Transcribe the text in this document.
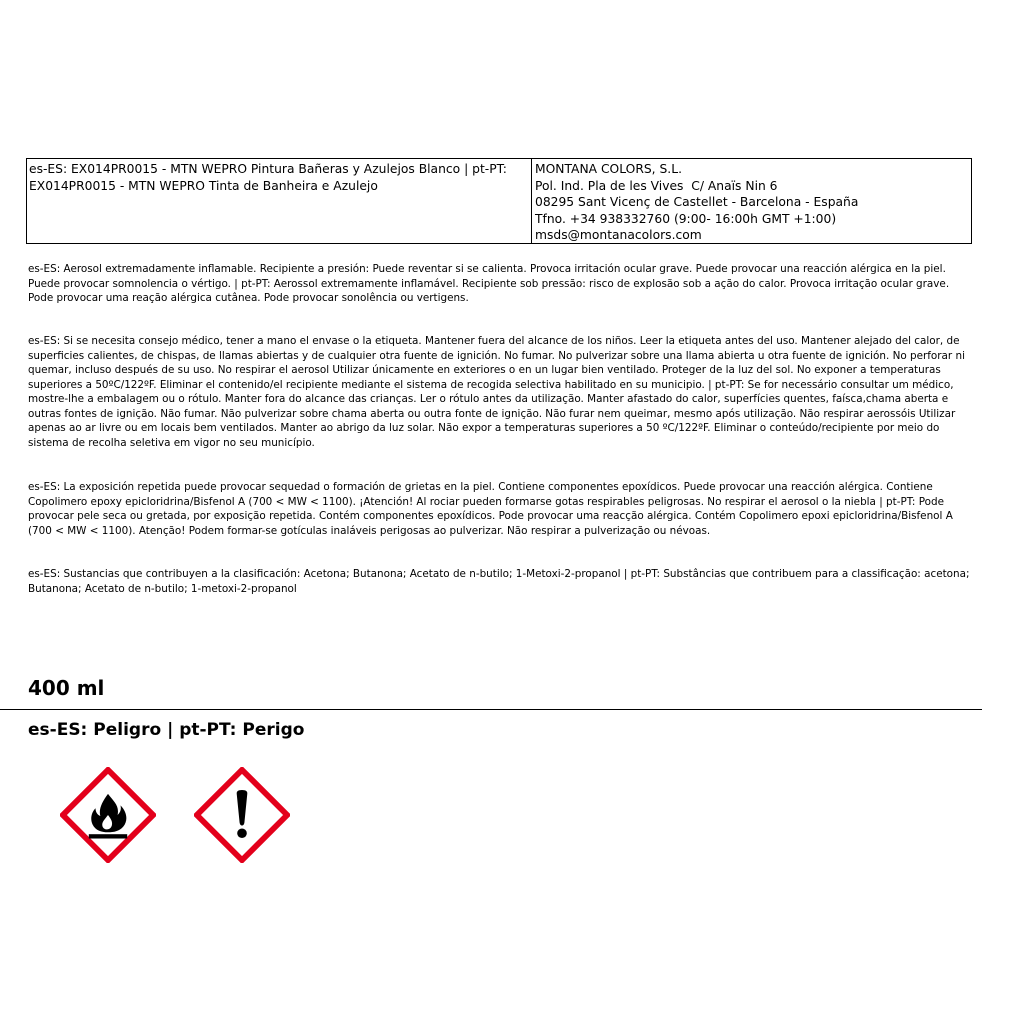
es-ES: EX014PR0015 - MTN WEPRO Pintura Bañeras y Azulejos Blanco | pt-PT: EX014PR0015 - MTN WEPRO Tinta de Banheira e Azulejo
MONTANA COLORS, S.L.
Pol. Ind. Pla de les Vives  C/ Anaïs Nin 6
08295 Sant Vicenç de Castellet - Barcelona - España
Tfno. +34 938332760 (9:00- 16:00h GMT +1:00)
msds@montanacolors.com
es-ES: Aerosol extremadamente inflamable. Recipiente a presión: Puede reventar si se calienta. Provoca irritación ocular grave. Puede provocar una reacción alérgica en la piel. Puede provocar somnolencia o vértigo. | pt-PT: Aerossol extremamente inflamável. Recipiente sob pressão: risco de explosão sob a ação do calor. Provoca irritação ocular grave. Pode provocar uma reação alérgica cutânea. Pode provocar sonolência ou vertigens.
es-ES: Si se necesita consejo médico, tener a mano el envase o la etiqueta. Mantener fuera del alcance de los niños. Leer la etiqueta antes del uso. Mantener alejado del calor, de superficies calientes, de chispas, de llamas abiertas y de cualquier otra fuente de ignición. No fumar. No pulverizar sobre una llama abierta u otra fuente de ignición. No perforar ni quemar, incluso después de su uso. No respirar el aerosol Utilizar únicamente en exteriores o en un lugar bien ventilado. Proteger de la luz del sol. No exponer a temperaturas superiores a 50ºC/122ºF. Eliminar el contenido/el recipiente mediante el sistema de recogida selectiva habilitado en su municipio. | pt-PT: Se for necessário consultar um médico, mostre-lhe a embalagem ou o rótulo. Manter fora do alcance das crianças. Ler o rótulo antes da utilização. Manter afastado do calor, superfícies quentes, faísca,chama aberta e outras fontes de ignição. Não fumar. Não pulverizar sobre chama aberta ou outra fonte de ignição. Não furar nem queimar, mesmo após utilização. Não respirar aerossóis Utilizar apenas ao ar livre ou em locais bem ventilados. Manter ao abrigo da luz solar. Não expor a temperaturas superiores a 50 ºC/122ºF. Eliminar o conteúdo/recipiente por meio do sistema de recolha seletiva em vigor no seu município.
es-ES: La exposición repetida puede provocar sequedad o formación de grietas en la piel. Contiene componentes epoxídicos. Puede provocar una reacción alérgica. Contiene Copolimero epoxy epicloridrina/Bisfenol A (700 < MW < 1100). ¡Atención! Al rociar pueden formarse gotas respirables peligrosas. No respirar el aerosol o la niebla | pt-PT: Pode provocar pele seca ou gretada, por exposição repetida. Contém componentes epoxídicos. Pode provocar uma reacção alérgica. Contém Copolimero epoxi epicloridrina/Bisfenol A (700 < MW < 1100). Atenção! Podem formar-se gotículas inaláveis perigosas ao pulverizar. Não respirar a pulverização ou névoas.
es-ES: Sustancias que contribuyen a la clasificación: Acetona; Butanona; Acetato de n-butilo; 1-Metoxi-2-propanol | pt-PT: Substâncias que contribuem para a classificação: acetona; Butanona; Acetato de n-butilo; 1-metoxi-2-propanol
400 ml
es-ES: Peligro | pt-PT: Perigo
